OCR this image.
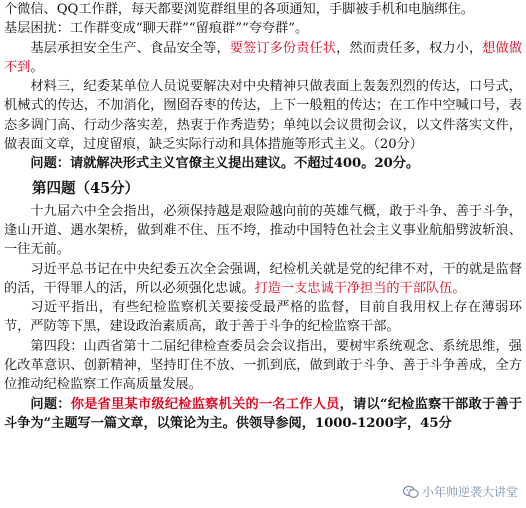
个微信、QQ工作群，每天都要浏览群组里的各项通知，手脚被手机和电脑绑住。

基层困扰：工作群变成“聊天群”“留痕群”“夸夸群”。

基层承担安全生产、食品安全等，要签订多份责任状，然而责任多，权力小，想做做不到。

材料三，纪委某单位人员说要解决对中央精神只做表面上轰轰烈烈的传达，口号式，机械式的传达，不加消化，囫囵吞枣的传达，上下一般粗的传达；在工作中空喊口号，表态多调门高、行动少落实差，热衷于作秀造势；单纯以会议贯彻会议，以文件落实文件，做表面文章，过度留痕，缺乏实际行动和具体措施等形式主义。（20分）

问题：请就解决形式主义官僚主义提出建议。不超过400。20分。

第四题（45分）

十九届六中全会指出，必须保持越是艰险越向前的英雄气概，敢于斗争、善于斗争，逢山开道、遇水架桥，做到难不住、压不垮，推动中国特色社会主义事业航船劈波斩浪、一往无前。

习近平总书记在中央纪委五次全会强调，纪检机关就是党的纪律不对，干的就是监督的活，干得罪人的活，所以必须强化忠诚。打造一支忠诚干净担当的干部队伍。

习近平指出，有些纪检监察机关要接受最严格的监督，目前自我用权上存在薄弱环节，严防等下黑，建设政治素质高，敢于善于斗争的纪检监察干部。

第四段：山西省第十二届纪律检查委员会会议指出，要树牢系统观念、系统思维，强化改革意识、创新精神，坚持盯住不放、一抓到底，做到敢于斗争、善于斗争善成，全方位推动纪检监察工作高质量发展。

问题：你是省里某市级纪检监察机关的一名工作人员，请以“纪检监察干部敢于善于斗争为”主题写一篇文章，以策论为主。供领导参阅，1000-1200字，45分

小年帅逆袭大讲堂
